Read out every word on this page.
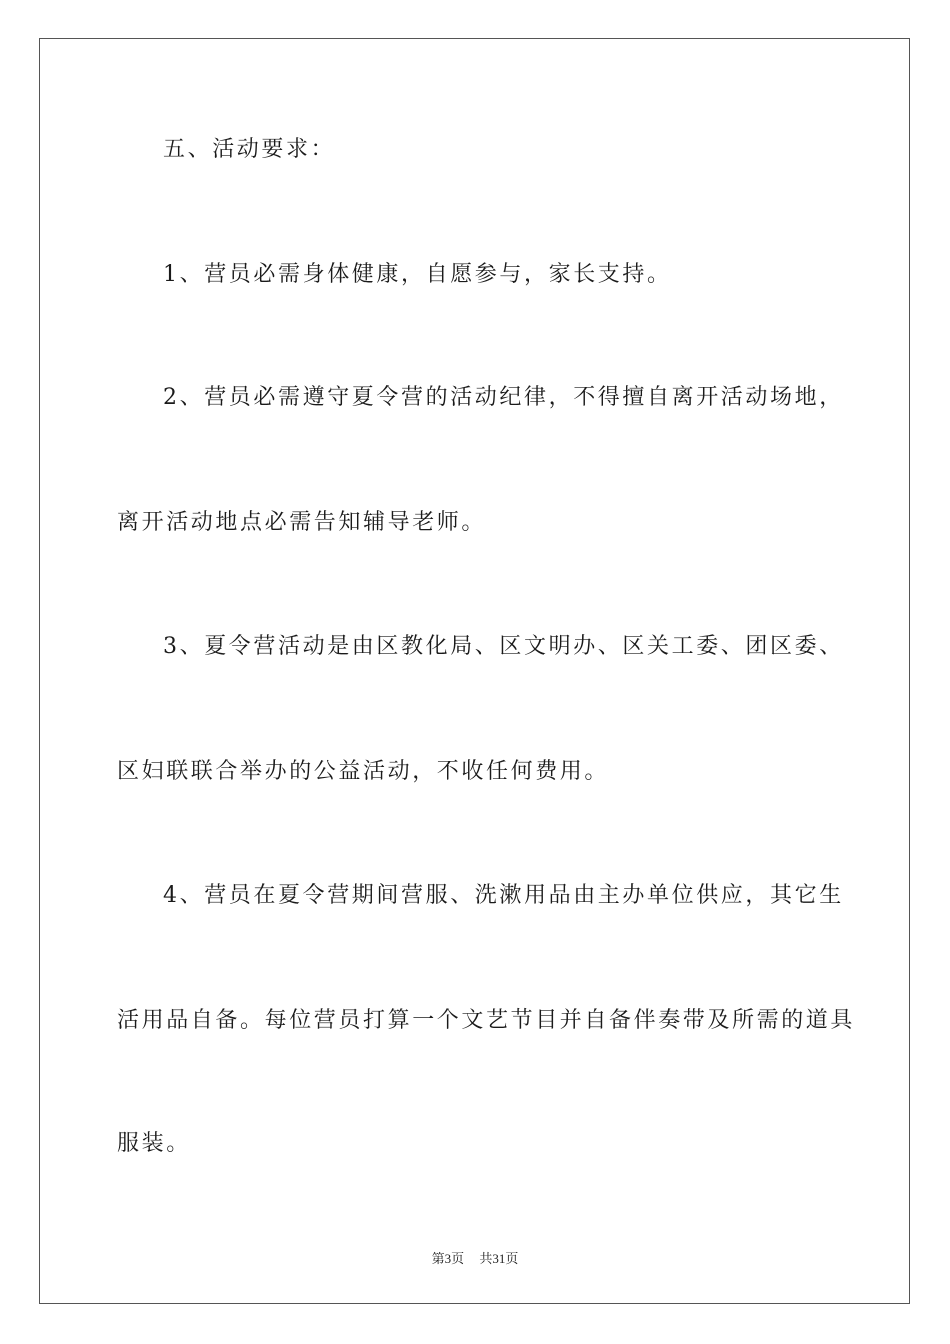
五、活动要求：
1、营员必需身体健康，自愿参与，家长支持。
2、营员必需遵守夏令营的活动纪律，不得擅自离开活动场地，
离开活动地点必需告知辅导老师。
3、夏令营活动是由区教化局、区文明办、区关工委、团区委、
区妇联联合举办的公益活动，不收任何费用。
4、营员在夏令营期间营服、洗漱用品由主办单位供应，其它生
活用品自备。每位营员打算一个文艺节目并自备伴奏带及所需的道具
服装。
第3页 共31页
